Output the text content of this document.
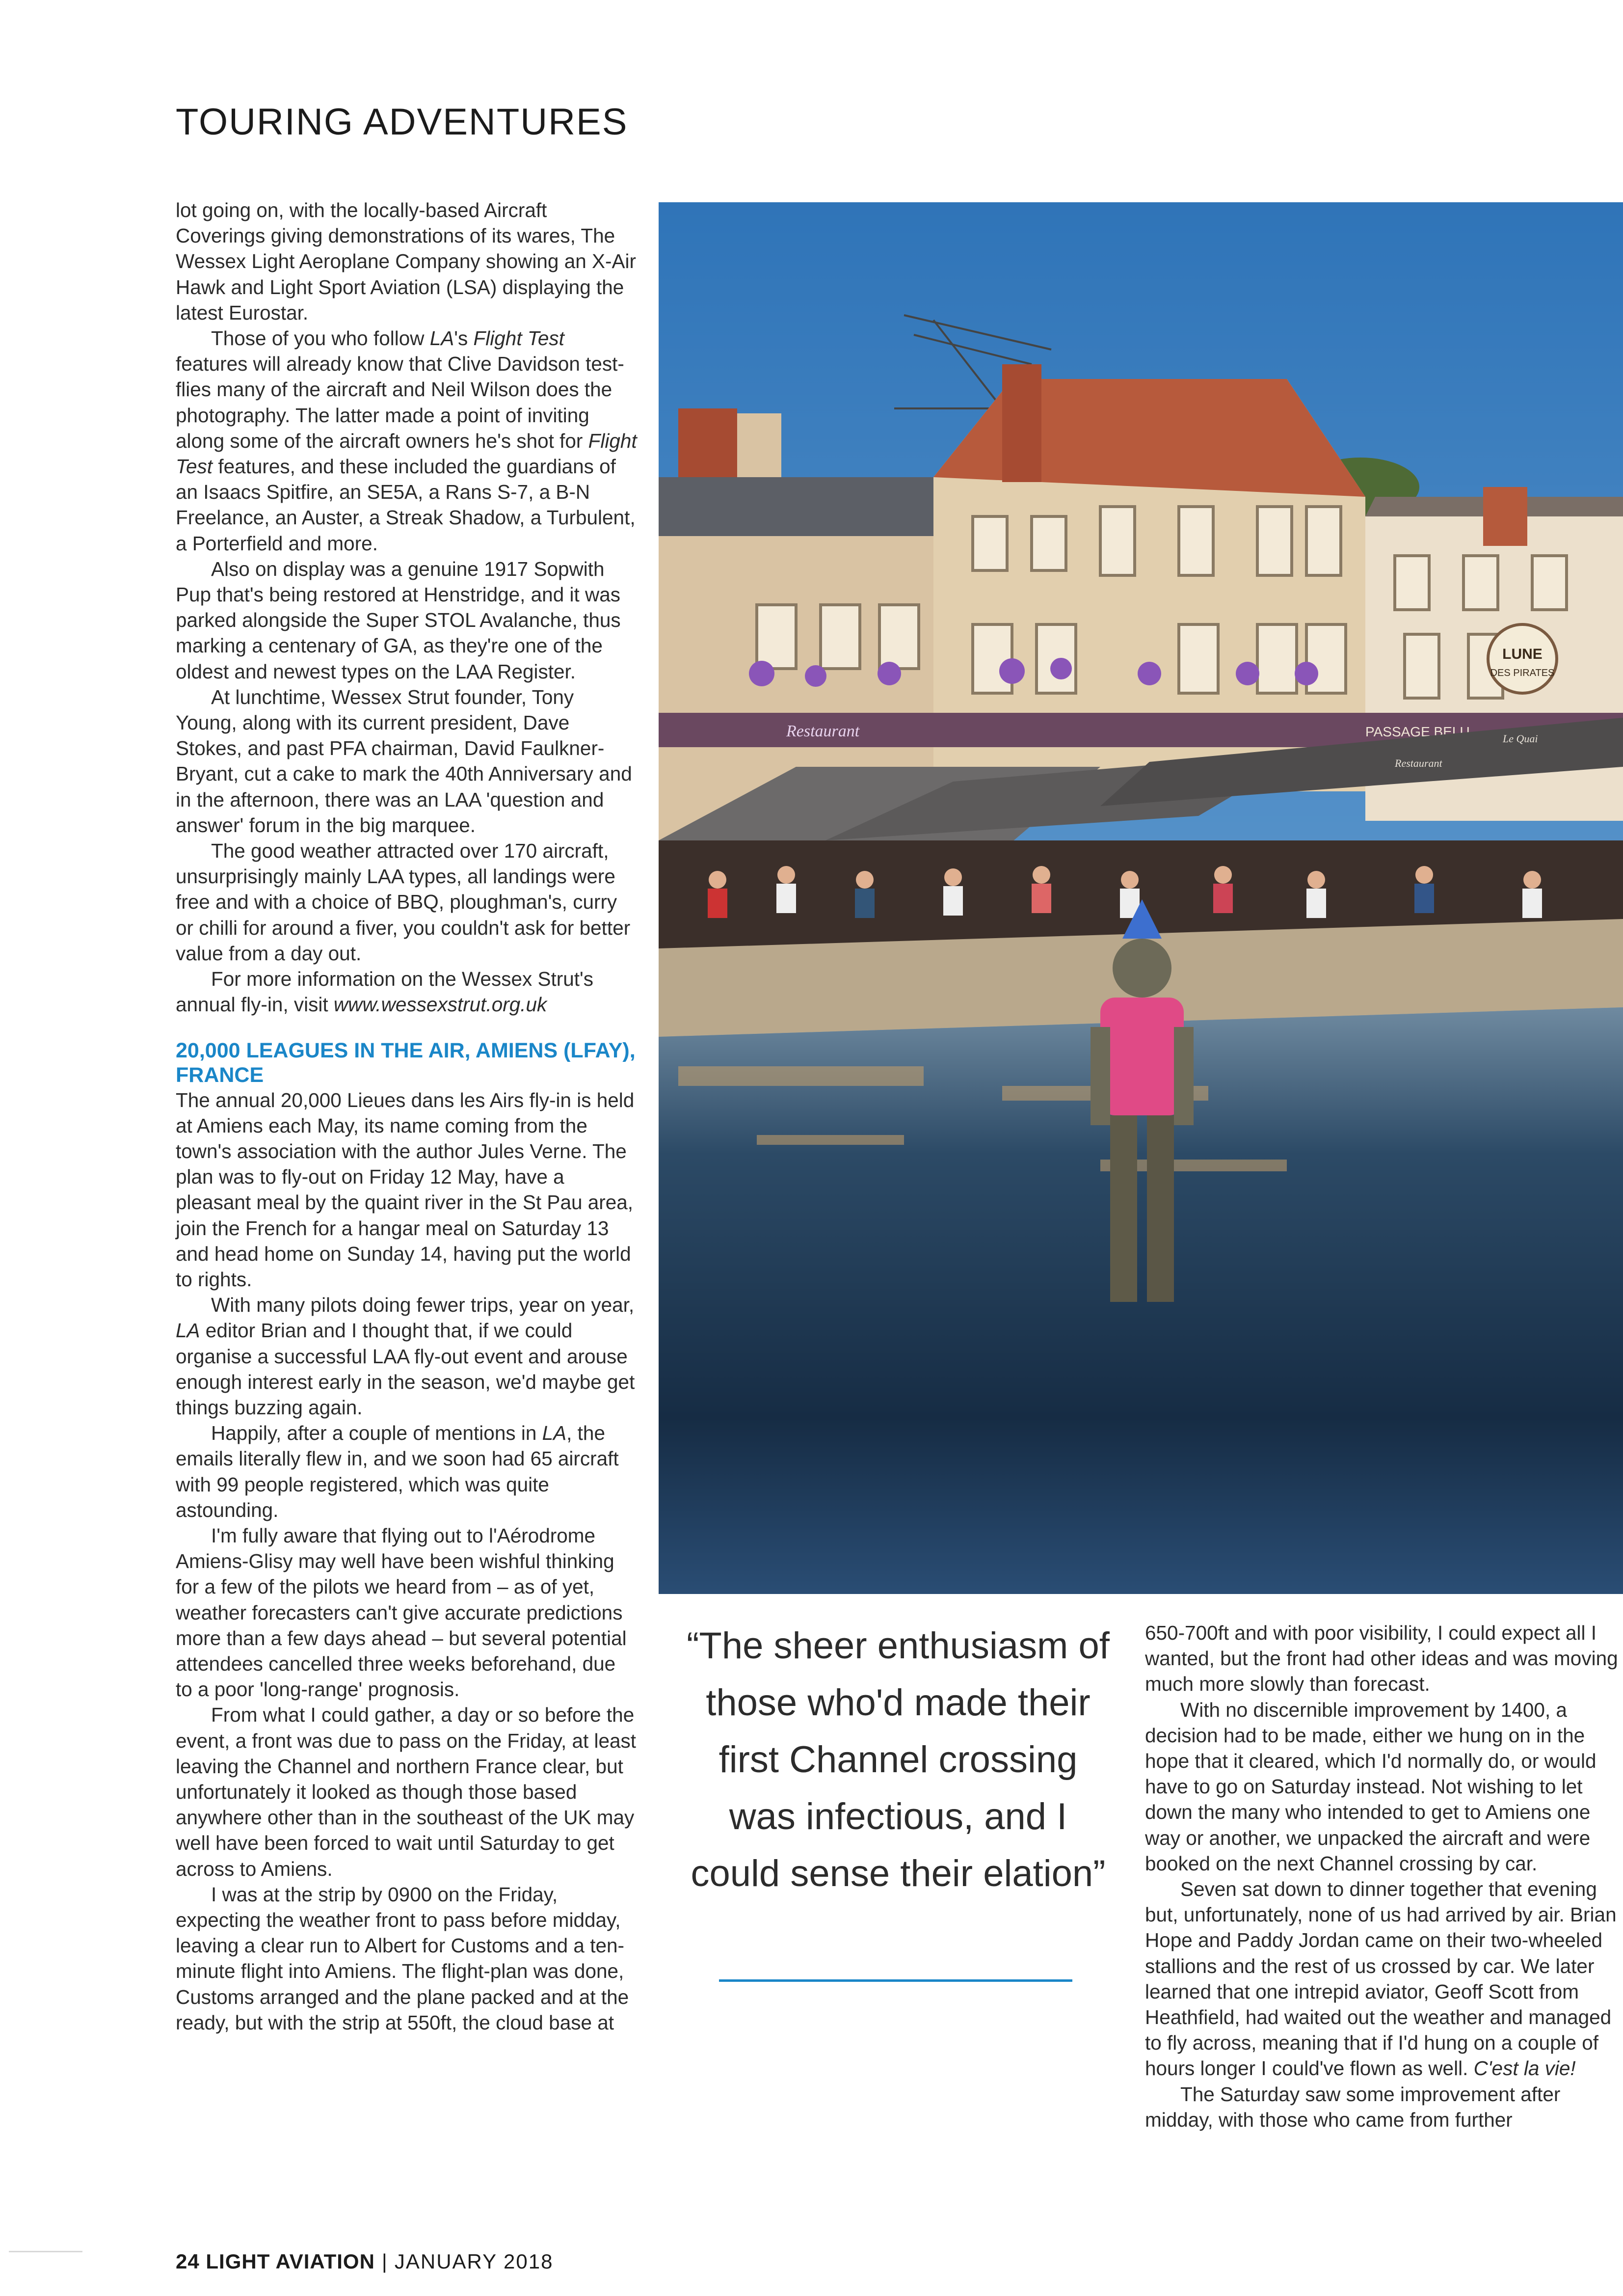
TOURING ADVENTURES

lot going on, with the locally-based Aircraft Coverings giving demonstrations of its wares, The Wessex Light Aeroplane Company showing an X-Air Hawk and Light Sport Aviation (LSA) displaying the latest Eurostar.

Those of you who follow LA's Flight Test features will already know that Clive Davidson test-flies many of the aircraft and Neil Wilson does the photography. The latter made a point of inviting along some of the aircraft owners he's shot for Flight Test features, and these included the guardians of an Isaacs Spitfire, an SE5A, a Rans S-7, a B-N Freelance, an Auster, a Streak Shadow, a Turbulent, a Porterfield and more.

Also on display was a genuine 1917 Sopwith Pup that's being restored at Henstridge, and it was parked alongside the Super STOL Avalanche, thus marking a centenary of GA, as they're one of the oldest and newest types on the LAA Register.

At lunchtime, Wessex Strut founder, Tony Young, along with its current president, Dave Stokes, and past PFA chairman, David Faulkner-Bryant, cut a cake to mark the 40th Anniversary and in the afternoon, there was an LAA 'question and answer' forum in the big marquee.

The good weather attracted over 170 aircraft, unsurprisingly mainly LAA types, all landings were free and with a choice of BBQ, ploughman's, curry or chilli for around a fiver, you couldn't ask for better value from a day out.

For more information on the Wessex Strut's annual fly-in, visit www.wessexstrut.org.uk

20,000 LEAGUES IN THE AIR, AMIENS (LFAY), FRANCE

The annual 20,000 Lieues dans les Airs fly-in is held at Amiens each May, its name coming from the town's association with the author Jules Verne. The plan was to fly-out on Friday 12 May, have a pleasant meal by the quaint river in the St Pau area, join the French for a hangar meal on Saturday 13 and head home on Sunday 14, having put the world to rights.

With many pilots doing fewer trips, year on year, LA editor Brian and I thought that, if we could organise a successful LAA fly-out event and arouse enough interest early in the season, we'd maybe get things buzzing again.

Happily, after a couple of mentions in LA, the emails literally flew in, and we soon had 65 aircraft with 99 people registered, which was quite astounding.

I'm fully aware that flying out to l'Aérodrome Amiens-Glisy may well have been wishful thinking for a few of the pilots we heard from – as of yet, weather forecasters can't give accurate predictions more than a few days ahead – but several potential attendees cancelled three weeks beforehand, due to a poor 'long-range' prognosis.

From what I could gather, a day or so before the event, a front was due to pass on the Friday, at least leaving the Channel and northern France clear, but unfortunately it looked as though those based anywhere other than in the southeast of the UK may well have been forced to wait until Saturday to get across to Amiens.

I was at the strip by 0900 on the Friday, expecting the weather front to pass before midday, leaving a clear run to Albert for Customs and a ten-minute flight into Amiens. The flight-plan was done, Customs arranged and the plane packed and at the ready, but with the strip at 550ft, the cloud base at

Restaurant	PASSAGE BELU
LUNE
DES PIRATES
Le Quai
Restaurant

“The sheer enthusiasm of those who'd made their first Channel crossing was infectious, and I could sense their elation”

650-700ft and with poor visibility, I could expect all I wanted, but the front had other ideas and was moving much more slowly than forecast.

With no discernible improvement by 1400, a decision had to be made, either we hung on in the hope that it cleared, which I'd normally do, or would have to go on Saturday instead. Not wishing to let down the many who intended to get to Amiens one way or another, we unpacked the aircraft and were booked on the next Channel crossing by car.

Seven sat down to dinner together that evening but, unfortunately, none of us had arrived by air. Brian Hope and Paddy Jordan came on their two-wheeled stallions and the rest of us crossed by car. We later learned that one intrepid aviator, Geoff Scott from Heathfield, had waited out the weather and managed to fly across, meaning that if I'd hung on a couple of hours longer I could've flown as well. C'est la vie!

The Saturday saw some improvement after midday, with those who came from further

24 LIGHT AVIATION | JANUARY 2018
